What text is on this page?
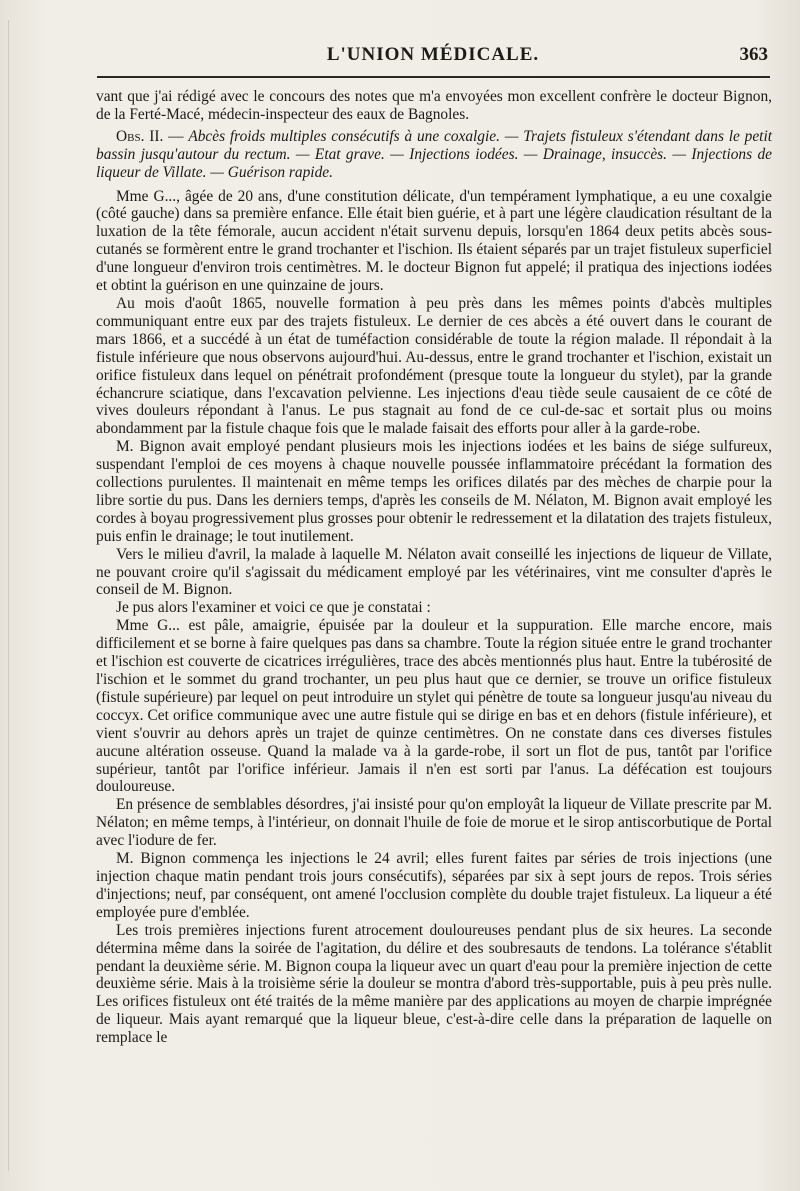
L'UNION MÉDICALE.	363

vant que j'ai rédigé avec le concours des notes que m'a envoyées mon excellent confrère le docteur Bignon, de la Ferté-Macé, médecin-inspecteur des eaux de Bagnoles.

Obs. II. — Abcès froids multiples consécutifs à une coxalgie. — Trajets fistuleux s'étendant dans le petit bassin jusqu'autour du rectum. — Etat grave. — Injections iodées. — Drainage, insuccès. — Injections de liqueur de Villate. — Guérison rapide.

Mme G..., âgée de 20 ans, d'une constitution délicate, d'un tempérament lymphatique, a eu une coxalgie (côté gauche) dans sa première enfance. Elle était bien guérie, et à part une légère claudication résultant de la luxation de la tête fémorale, aucun accident n'était survenu depuis, lorsqu'en 1864 deux petits abcès sous-cutanés se formèrent entre le grand trochanter et l'ischion. Ils étaient séparés par un trajet fistuleux superficiel d'une longueur d'environ trois centimètres. M. le docteur Bignon fut appelé; il pratiqua des injections iodées et obtint la guérison en une quinzaine de jours.

Au mois d'août 1865, nouvelle formation à peu près dans les mêmes points d'abcès multiples communiquant entre eux par des trajets fistuleux. Le dernier de ces abcès a été ouvert dans le courant de mars 1866, et a succédé à un état de tuméfaction considérable de toute la région malade. Il répondait à la fistule inférieure que nous observons aujourd'hui. Au-dessus, entre le grand trochanter et l'ischion, existait un orifice fistuleux dans lequel on pénétrait profondément (presque toute la longueur du stylet), par la grande échancrure sciatique, dans l'excavation pelvienne. Les injections d'eau tiède seule causaient de ce côté de vives douleurs répondant à l'anus. Le pus stagnait au fond de ce cul-de-sac et sortait plus ou moins abondamment par la fistule chaque fois que le malade faisait des efforts pour aller à la garde-robe.

M. Bignon avait employé pendant plusieurs mois les injections iodées et les bains de siége sulfureux, suspendant l'emploi de ces moyens à chaque nouvelle poussée inflammatoire précédant la formation des collections purulentes. Il maintenait en même temps les orifices dilatés par des mèches de charpie pour la libre sortie du pus. Dans les derniers temps, d'après les conseils de M. Nélaton, M. Bignon avait employé les cordes à boyau progressivement plus grosses pour obtenir le redressement et la dilatation des trajets fistuleux, puis enfin le drainage; le tout inutilement.

Vers le milieu d'avril, la malade à laquelle M. Nélaton avait conseillé les injections de liqueur de Villate, ne pouvant croire qu'il s'agissait du médicament employé par les vétérinaires, vint me consulter d'après le conseil de M. Bignon.

Je pus alors l'examiner et voici ce que je constatai :

Mme G... est pâle, amaigrie, épuisée par la douleur et la suppuration. Elle marche encore, mais difficilement et se borne à faire quelques pas dans sa chambre. Toute la région située entre le grand trochanter et l'ischion est couverte de cicatrices irrégulières, trace des abcès mentionnés plus haut. Entre la tubérosité de l'ischion et le sommet du grand trochanter, un peu plus haut que ce dernier, se trouve un orifice fistuleux (fistule supérieure) par lequel on peut introduire un stylet qui pénètre de toute sa longueur jusqu'au niveau du coccyx. Cet orifice communique avec une autre fistule qui se dirige en bas et en dehors (fistule inférieure), et vient s'ouvrir au dehors après un trajet de quinze centimètres. On ne constate dans ces diverses fistules aucune altération osseuse. Quand la malade va à la garde-robe, il sort un flot de pus, tantôt par l'orifice supérieur, tantôt par l'orifice inférieur. Jamais il n'en est sorti par l'anus. La défécation est toujours douloureuse.

En présence de semblables désordres, j'ai insisté pour qu'on employât la liqueur de Villate prescrite par M. Nélaton; en même temps, à l'intérieur, on donnait l'huile de foie de morue et le sirop antiscorbutique de Portal avec l'iodure de fer.

M. Bignon commença les injections le 24 avril; elles furent faites par séries de trois injections (une injection chaque matin pendant trois jours consécutifs), séparées par six à sept jours de repos. Trois séries d'injections; neuf, par conséquent, ont amené l'occlusion complète du double trajet fistuleux. La liqueur a été employée pure d'emblée.

Les trois premières injections furent atrocement douloureuses pendant plus de six heures. La seconde détermina même dans la soirée de l'agitation, du délire et des soubresauts de tendons. La tolérance s'établit pendant la deuxième série. M. Bignon coupa la liqueur avec un quart d'eau pour la première injection de cette deuxième série. Mais à la troisième série la douleur se montra d'abord très-supportable, puis à peu près nulle. Les orifices fistuleux ont été traités de la même manière par des applications au moyen de charpie imprégnée de liqueur. Mais ayant remarqué que la liqueur bleue, c'est-à-dire celle dans la préparation de laquelle on remplace le
